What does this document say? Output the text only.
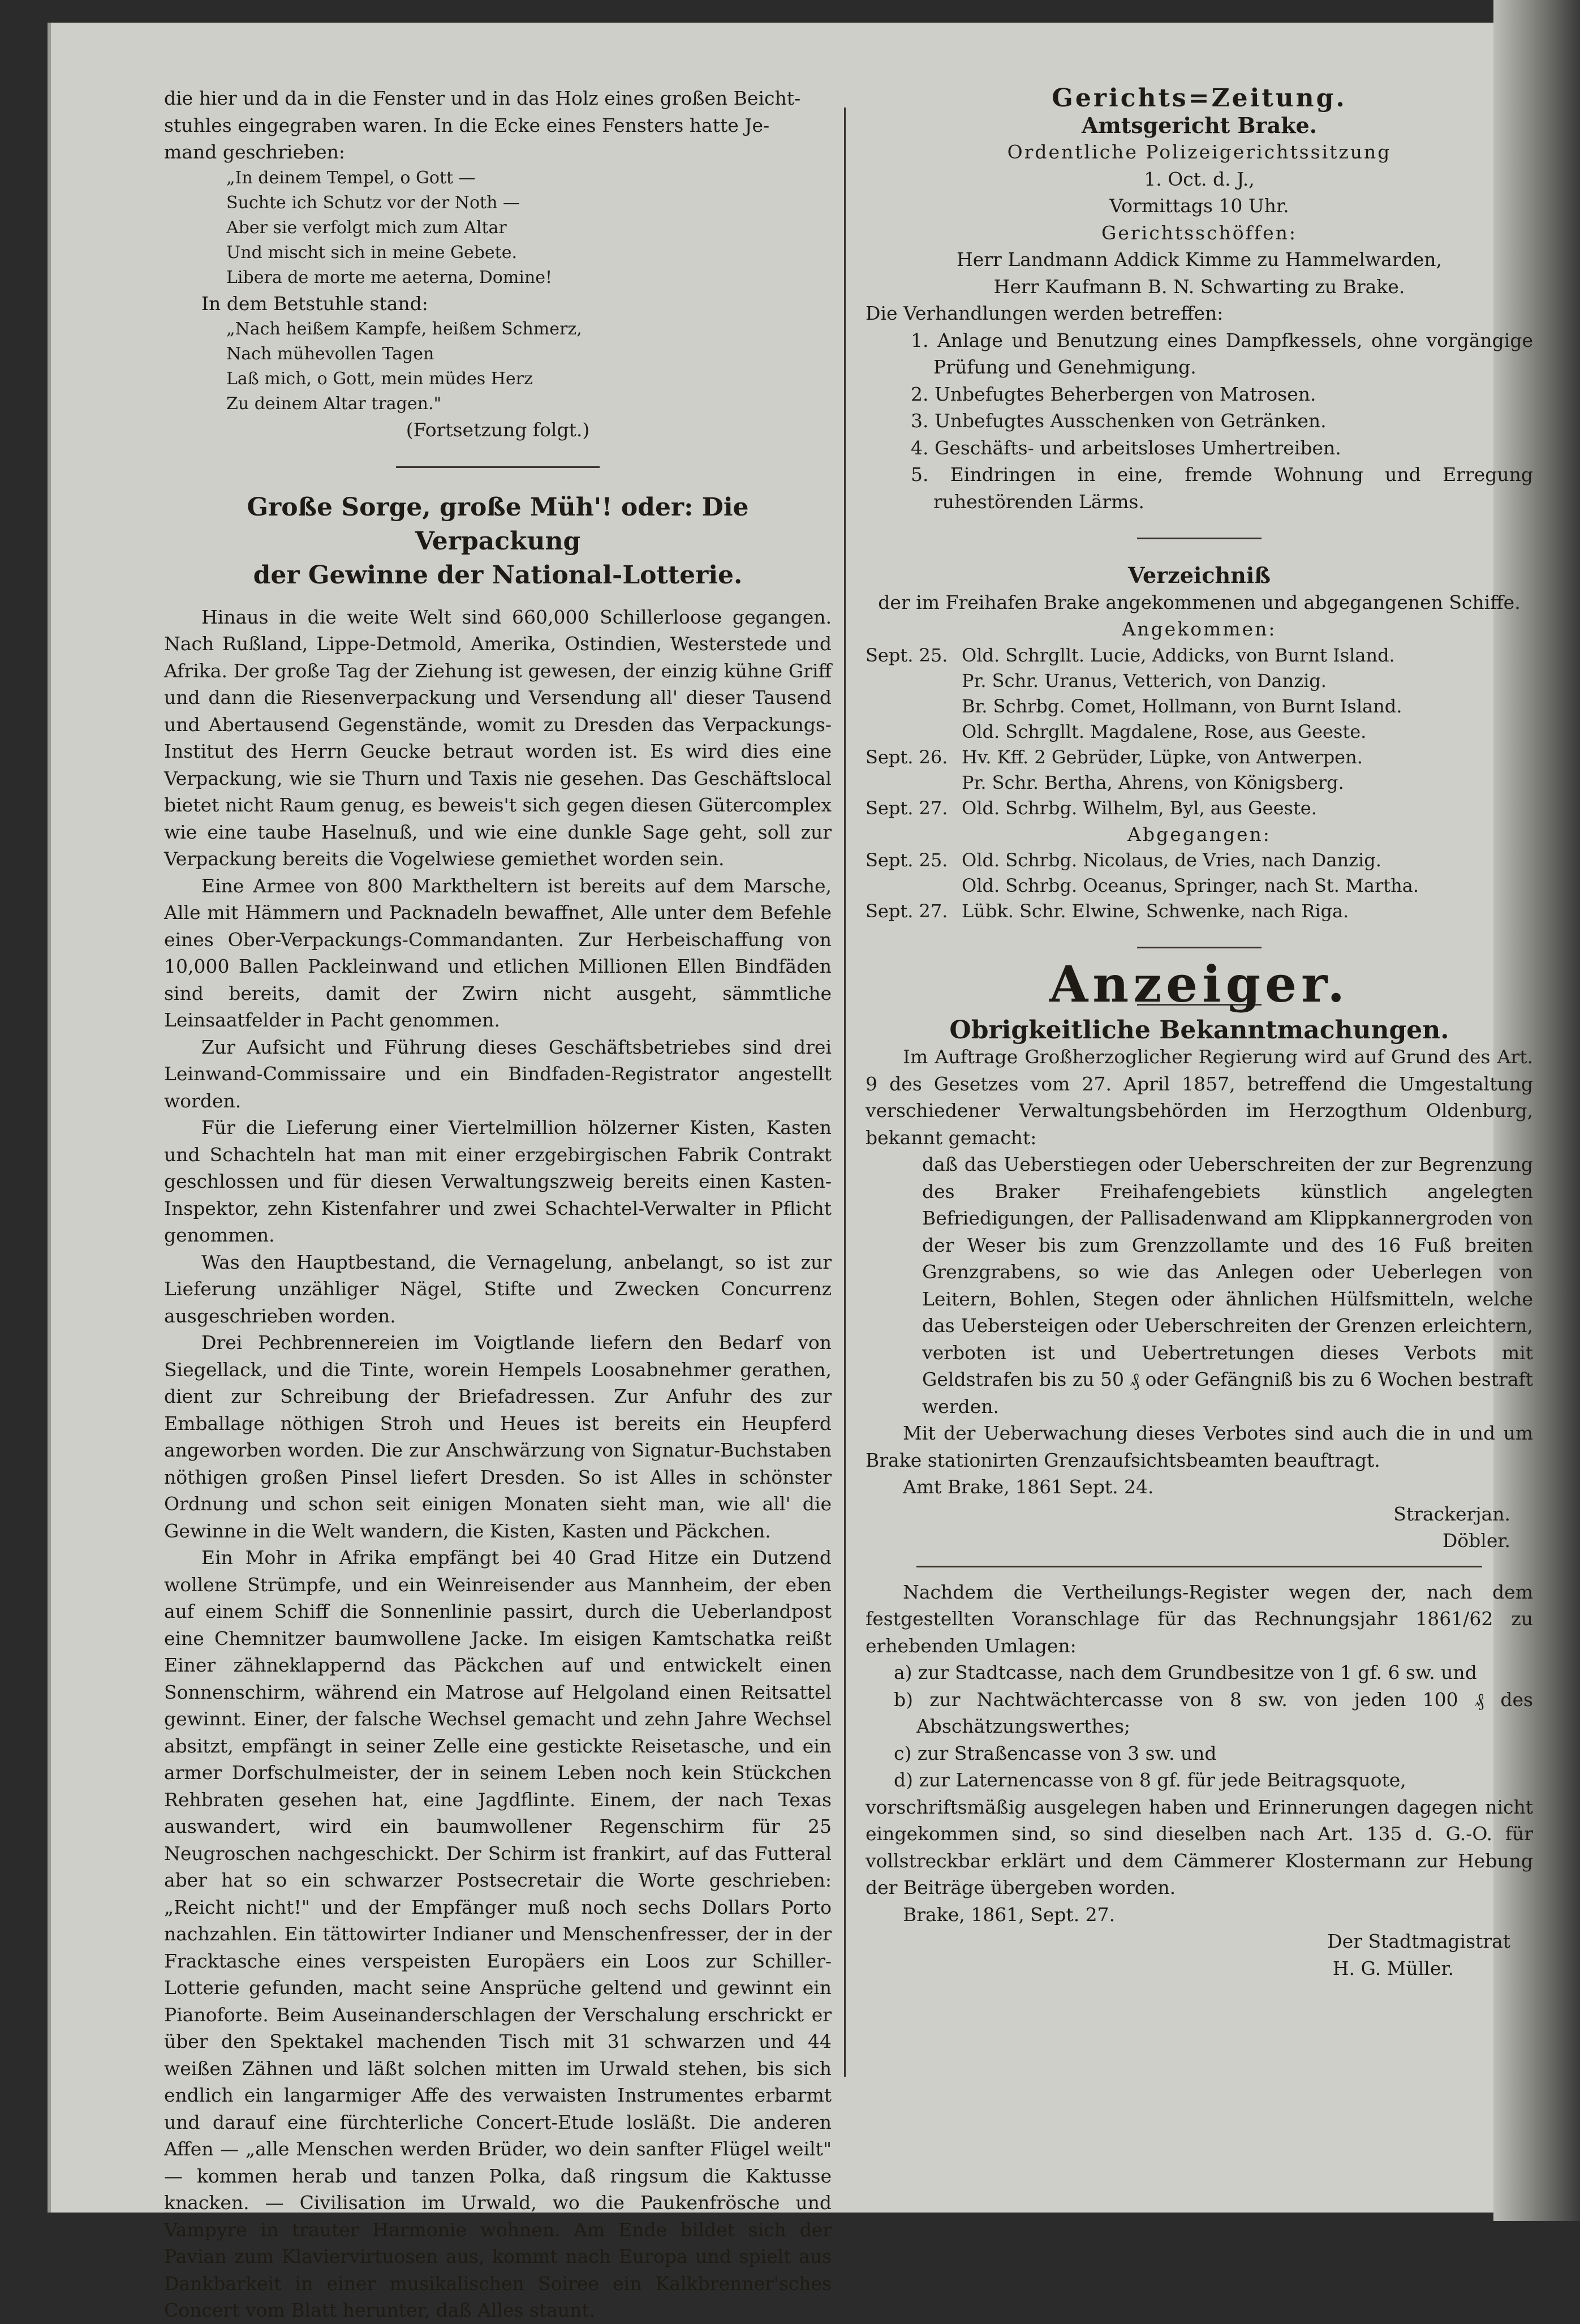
die hier und da in die Fenster und in das Holz eines großen Beicht-

stuhles eingegraben waren. In die Ecke eines Fensters hatte Je-

mand geschrieben:

„In deinem Tempel, o Gott —

Suchte ich Schutz vor der Noth —

Aber sie verfolgt mich zum Altar

Und mischt sich in meine Gebete.

Libera de morte me aeterna, Domine!

In dem Betstuhle stand:

„Nach heißem Kampfe, heißem Schmerz,

Nach mühevollen Tagen

Laß mich, o Gott, mein müdes Herz

Zu deinem Altar tragen."

(Fortsetzung folgt.)

Große Sorge, große Müh'! oder: Die Verpackung
der Gewinne der National-Lotterie.

Hinaus in die weite Welt sind 660,000 Schillerloose gegangen. Nach Rußland, Lippe-Detmold, Amerika, Ostindien, Westerstede und Afrika. Der große Tag der Ziehung ist gewesen, der einzig kühne Griff und dann die Riesenverpackung und Versendung all' dieser Tausend und Abertausend Gegenstände, womit zu Dresden das Verpackungs-Institut des Herrn Geucke betraut worden ist. Es wird dies eine Verpackung, wie sie Thurn und Taxis nie gesehen. Das Geschäftslocal bietet nicht Raum genug, es beweis't sich gegen diesen Gütercomplex wie eine taube Haselnuß, und wie eine dunkle Sage geht, soll zur Verpackung bereits die Vogelwiese gemiethet worden sein.

Eine Armee von 800 Marktheltern ist bereits auf dem Marsche, Alle mit Hämmern und Packnadeln bewaffnet, Alle unter dem Befehle eines Ober-Verpackungs-Commandanten. Zur Herbeischaffung von 10,000 Ballen Packleinwand und etlichen Millionen Ellen Bindfäden sind bereits, damit der Zwirn nicht ausgeht, sämmtliche Leinsaatfelder in Pacht genommen.

Zur Aufsicht und Führung dieses Geschäftsbetriebes sind drei Leinwand-Commissaire und ein Bindfaden-Registrator angestellt worden.

Für die Lieferung einer Viertelmillion hölzerner Kisten, Kasten und Schachteln hat man mit einer erzgebirgischen Fabrik Contrakt geschlossen und für diesen Verwaltungszweig bereits einen Kasten-Inspektor, zehn Kistenfahrer und zwei Schachtel-Verwalter in Pflicht genommen.

Was den Hauptbestand, die Vernagelung, anbelangt, so ist zur Lieferung unzähliger Nägel, Stifte und Zwecken Concurrenz ausgeschrieben worden.

Drei Pechbrennereien im Voigtlande liefern den Bedarf von Siegellack, und die Tinte, worein Hempels Loosabnehmer gerathen, dient zur Schreibung der Briefadressen. Zur Anfuhr des zur Emballage nöthigen Stroh und Heues ist bereits ein Heupferd angeworben worden. Die zur Anschwärzung von Signatur-Buchstaben nöthigen großen Pinsel liefert Dresden. So ist Alles in schönster Ordnung und schon seit einigen Monaten sieht man, wie all' die Gewinne in die Welt wandern, die Kisten, Kasten und Päckchen.

Ein Mohr in Afrika empfängt bei 40 Grad Hitze ein Dutzend wollene Strümpfe, und ein Weinreisender aus Mannheim, der eben auf einem Schiff die Sonnenlinie passirt, durch die Ueberlandpost eine Chemnitzer baumwollene Jacke. Im eisigen Kamtschatka reißt Einer zähneklappernd das Päckchen auf und entwickelt einen Sonnenschirm, während ein Matrose auf Helgoland einen Reitsattel gewinnt. Einer, der falsche Wechsel gemacht und zehn Jahre Wechsel absitzt, empfängt in seiner Zelle eine gestickte Reisetasche, und ein armer Dorfschulmeister, der in seinem Leben noch kein Stückchen Rehbraten gesehen hat, eine Jagdflinte. Einem, der nach Texas auswandert, wird ein baumwollener Regenschirm für 25 Neugroschen nachgeschickt. Der Schirm ist frankirt, auf das Futteral aber hat so ein schwarzer Postsecretair die Worte geschrieben: „Reicht nicht!" und der Empfänger muß noch sechs Dollars Porto nachzahlen. Ein tättowirter Indianer und Menschenfresser, der in der Fracktasche eines verspeisten Europäers ein Loos zur Schiller-Lotterie gefunden, macht seine Ansprüche geltend und gewinnt ein Pianoforte. Beim Auseinanderschlagen der Verschalung erschrickt er über den Spektakel machenden Tisch mit 31 schwarzen und 44 weißen Zähnen und läßt solchen mitten im Urwald stehen, bis sich endlich ein langarmiger Affe des verwaisten Instrumentes erbarmt und darauf eine fürchterliche Concert-Etude losläßt. Die anderen Affen — „alle Menschen werden Brüder, wo dein sanfter Flügel weilt" — kommen herab und tanzen Polka, daß ringsum die Kaktusse knacken. — Civilisation im Urwald, wo die Paukenfrösche und Vampyre in trauter Harmonie wohnen. Am Ende bildet sich der Pavian zum Klaviervirtuosen aus, kommt nach Europa und spielt aus Dankbarkeit in einer musikalischen Soiree ein Kalkbrenner'sches Concert vom Blatt herunter, daß Alles staunt.

Gerichts=Zeitung.
Amtsgericht Brake.

Ordentliche Polizeigerichtssitzung

1. Oct. d. J.,

Vormittags 10 Uhr.

Gerichtsschöffen:

Herr Landmann Addick Kimme zu Hammelwarden,

Herr Kaufmann B. N. Schwarting zu Brake.

Die Verhandlungen werden betreffen:

1. Anlage und Benutzung eines Dampfkessels, ohne vorgängige Prüfung und Genehmigung.

2. Unbefugtes Beherbergen von Matrosen.

3. Unbefugtes Ausschenken von Getränken.

4. Geschäfts- und arbeitsloses Umhertreiben.

5. Eindringen in eine, fremde Wohnung und Erregung ruhestörenden Lärms.

Verzeichniß

der im Freihafen Brake angekommenen und abgegangenen Schiffe.

Angekommen:

Sept. 25.	Old. Schrgllt. Lucie, Addicks, von Burnt Island.
	Pr. Schr. Uranus, Vetterich, von Danzig.
	Br. Schrbg. Comet, Hollmann, von Burnt Island.
	Old. Schrgllt. Magdalene, Rose, aus Geeste.
Sept. 26.	Hv. Kff. 2 Gebrüder, Lüpke, von Antwerpen.
	Pr. Schr. Bertha, Ahrens, von Königsberg.
Sept. 27.	Old. Schrbg. Wilhelm, Byl, aus Geeste.

Abgegangen:

Sept. 25.	Old. Schrbg. Nicolaus, de Vries, nach Danzig.
	Old. Schrbg. Oceanus, Springer, nach St. Martha.
Sept. 27.	Lübk. Schr. Elwine, Schwenke, nach Riga.
Anzeiger.
Obrigkeitliche Bekanntmachungen.

Im Auftrage Großherzoglicher Regierung wird auf Grund des Art. 9 des Gesetzes vom 27. April 1857, betreffend die Umgestaltung verschiedener Verwaltungsbehörden im Herzogthum Oldenburg, bekannt gemacht:

daß das Ueberstiegen oder Ueberschreiten der zur Begrenzung des Braker Freihafengebiets künstlich angelegten Befriedigungen, der Pallisadenwand am Klippkannergroden von der Weser bis zum Grenzzollamte und des 16 Fuß breiten Grenzgrabens, so wie das Anlegen oder Ueberlegen von Leitern, Bohlen, Stegen oder ähnlichen Hülfsmitteln, welche das Uebersteigen oder Ueberschreiten der Grenzen erleichtern, verboten ist und Uebertretungen dieses Verbots mit Geldstrafen bis zu 50 ₰ oder Gefängniß bis zu 6 Wochen bestraft werden.

Mit der Ueberwachung dieses Verbotes sind auch die in und um Brake stationirten Grenzaufsichtsbeamten beauftragt.

Amt Brake, 1861 Sept. 24.

Strackerjan.

Döbler.

Nachdem die Vertheilungs-Register wegen der, nach dem festgestellten Voranschlage für das Rechnungsjahr 1861/62 zu erhebenden Umlagen:

a) zur Stadtcasse, nach dem Grundbesitze von 1 gf. 6 sw. und

b) zur Nachtwächtercasse von 8 sw. von jeden 100 ₰ des Abschätzungswerthes;

c) zur Straßencasse von 3 sw. und

d) zur Laternencasse von 8 gf. für jede Beitragsquote,

vorschriftsmäßig ausgelegen haben und Erinnerungen dagegen nicht eingekommen sind, so sind dieselben nach Art. 135 d. G.-O. für vollstreckbar erklärt und dem Cämmerer Klostermann zur Hebung der Beiträge übergeben worden.

Brake, 1861, Sept. 27.

Der Stadtmagistrat

H. G. Müller.
